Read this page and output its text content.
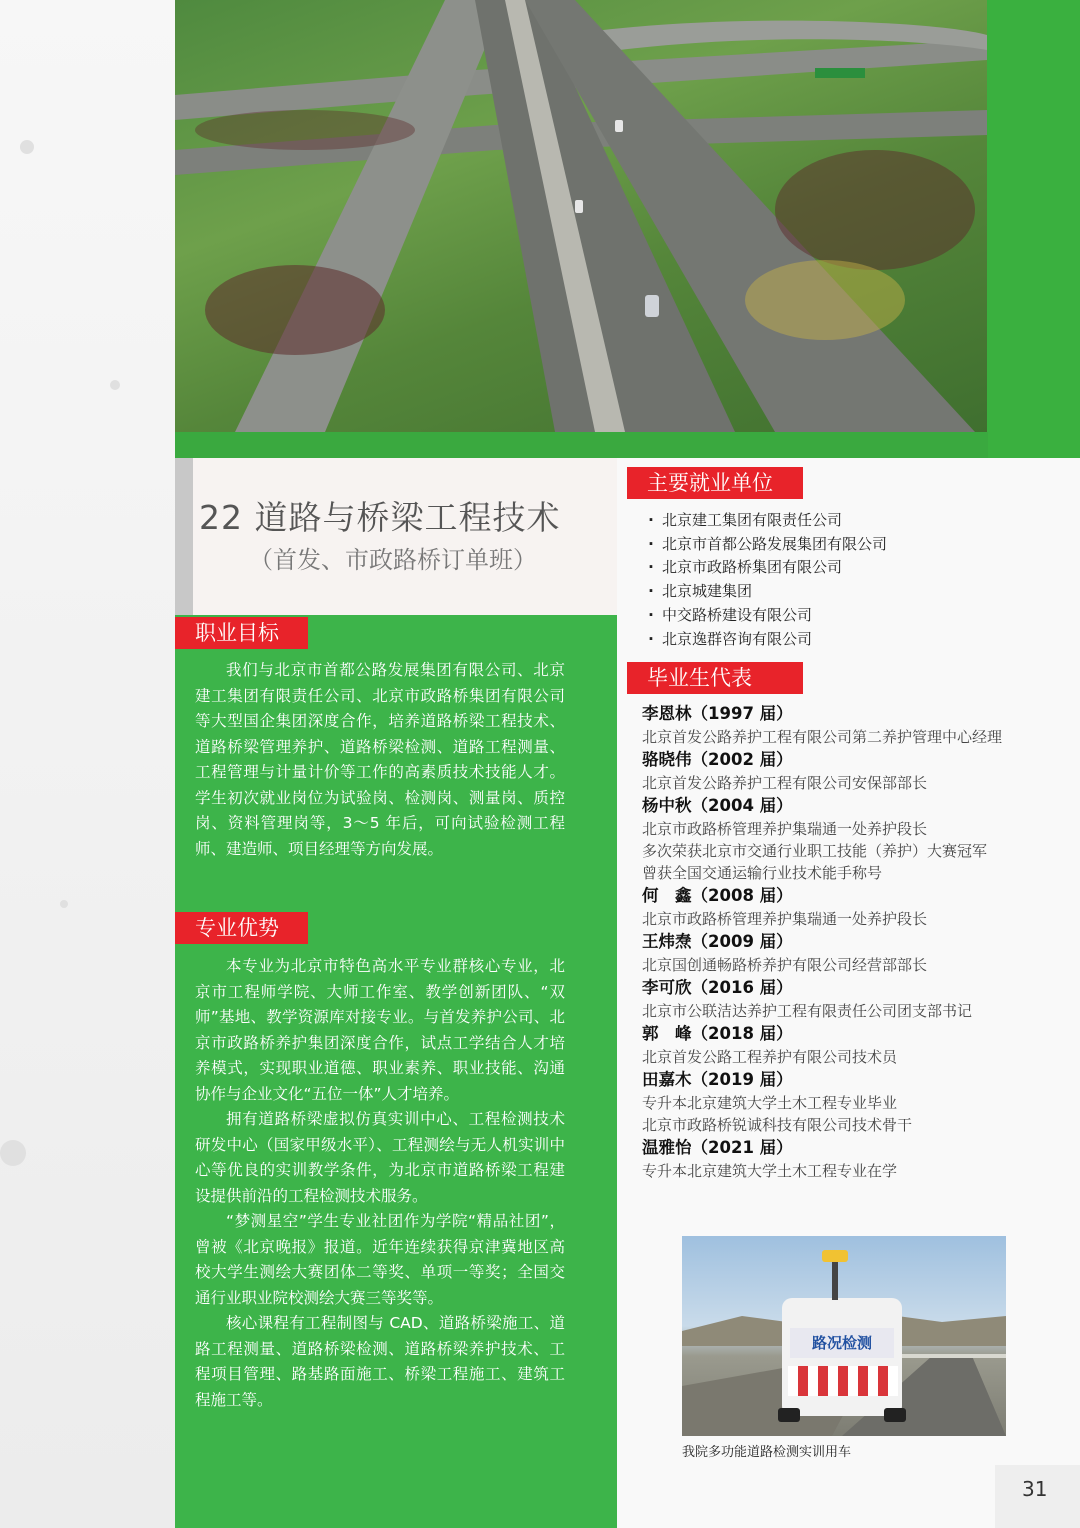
22 道路与桥梁工程技术
（首发、市政路桥订单班）
职业目标

我们与北京市首都公路发展集团有限公司、北京建工集团有限责任公司、北京市政路桥集团有限公司等大型国企集团深度合作，培养道路桥梁工程技术、道路桥梁管理养护、道路桥梁检测、道路工程测量、工程管理与计量计价等工作的高素质技术技能人才。学生初次就业岗位为试验岗、检测岗、测量岗、质控岗、资料管理岗等，3～5 年后，可向试验检测工程师、建造师、项目经理等方向发展。

专业优势

本专业为北京市特色高水平专业群核心专业，北京市工程师学院、大师工作室、教学创新团队、“双师”基地、教学资源库对接专业。与首发养护公司、北京市政路桥养护集团深度合作，试点工学结合人才培养模式，实现职业道德、职业素养、职业技能、沟通协作与企业文化“五位一体”人才培养。

拥有道路桥梁虚拟仿真实训中心、工程检测技术研发中心（国家甲级水平）、工程测绘与无人机实训中心等优良的实训教学条件，为北京市道路桥梁工程建设提供前沿的工程检测技术服务。

“梦测星空”学生专业社团作为学院“精品社团”，曾被《北京晚报》报道。近年连续获得京津冀地区高校大学生测绘大赛团体二等奖、单项一等奖；全国交通行业职业院校测绘大赛三等奖等。

核心课程有工程制图与 CAD、道路桥梁施工、道路工程测量、道路桥梁检测、道路桥梁养护技术、工程项目管理、路基路面施工、桥梁工程施工、建筑工程施工等。

主要就业单位
· 北京建工集团有限责任公司
· 北京市首都公路发展集团有限公司
· 北京市政路桥集团有限公司
· 北京城建集团
· 中交路桥建设有限公司
· 北京逸群咨询有限公司
毕业生代表
李恩林（1997 届）
北京首发公路养护工程有限公司第二养护管理中心经理
骆晓伟（2002 届）
北京首发公路养护工程有限公司安保部部长
杨中秋（2004 届）
北京市政路桥管理养护集瑞通一处养护段长
多次荣获北京市交通行业职工技能（养护）大赛冠军
曾获全国交通运输行业技术能手称号
何　鑫（2008 届）
北京市政路桥管理养护集瑞通一处养护段长
王炜焘（2009 届）
北京国创通畅路桥养护有限公司经营部部长
李可欣（2016 届）
北京市公联洁达养护工程有限责任公司团支部书记
郭　峰（2018 届）
北京首发公路工程养护有限公司技术员
田嘉木（2019 届）
专升本北京建筑大学土木工程专业毕业
北京市政路桥锐诚科技有限公司技术骨干
温雅怡（2021 届）
专升本北京建筑大学土木工程专业在学
路况检测
我院多功能道路检测实训用车
31
